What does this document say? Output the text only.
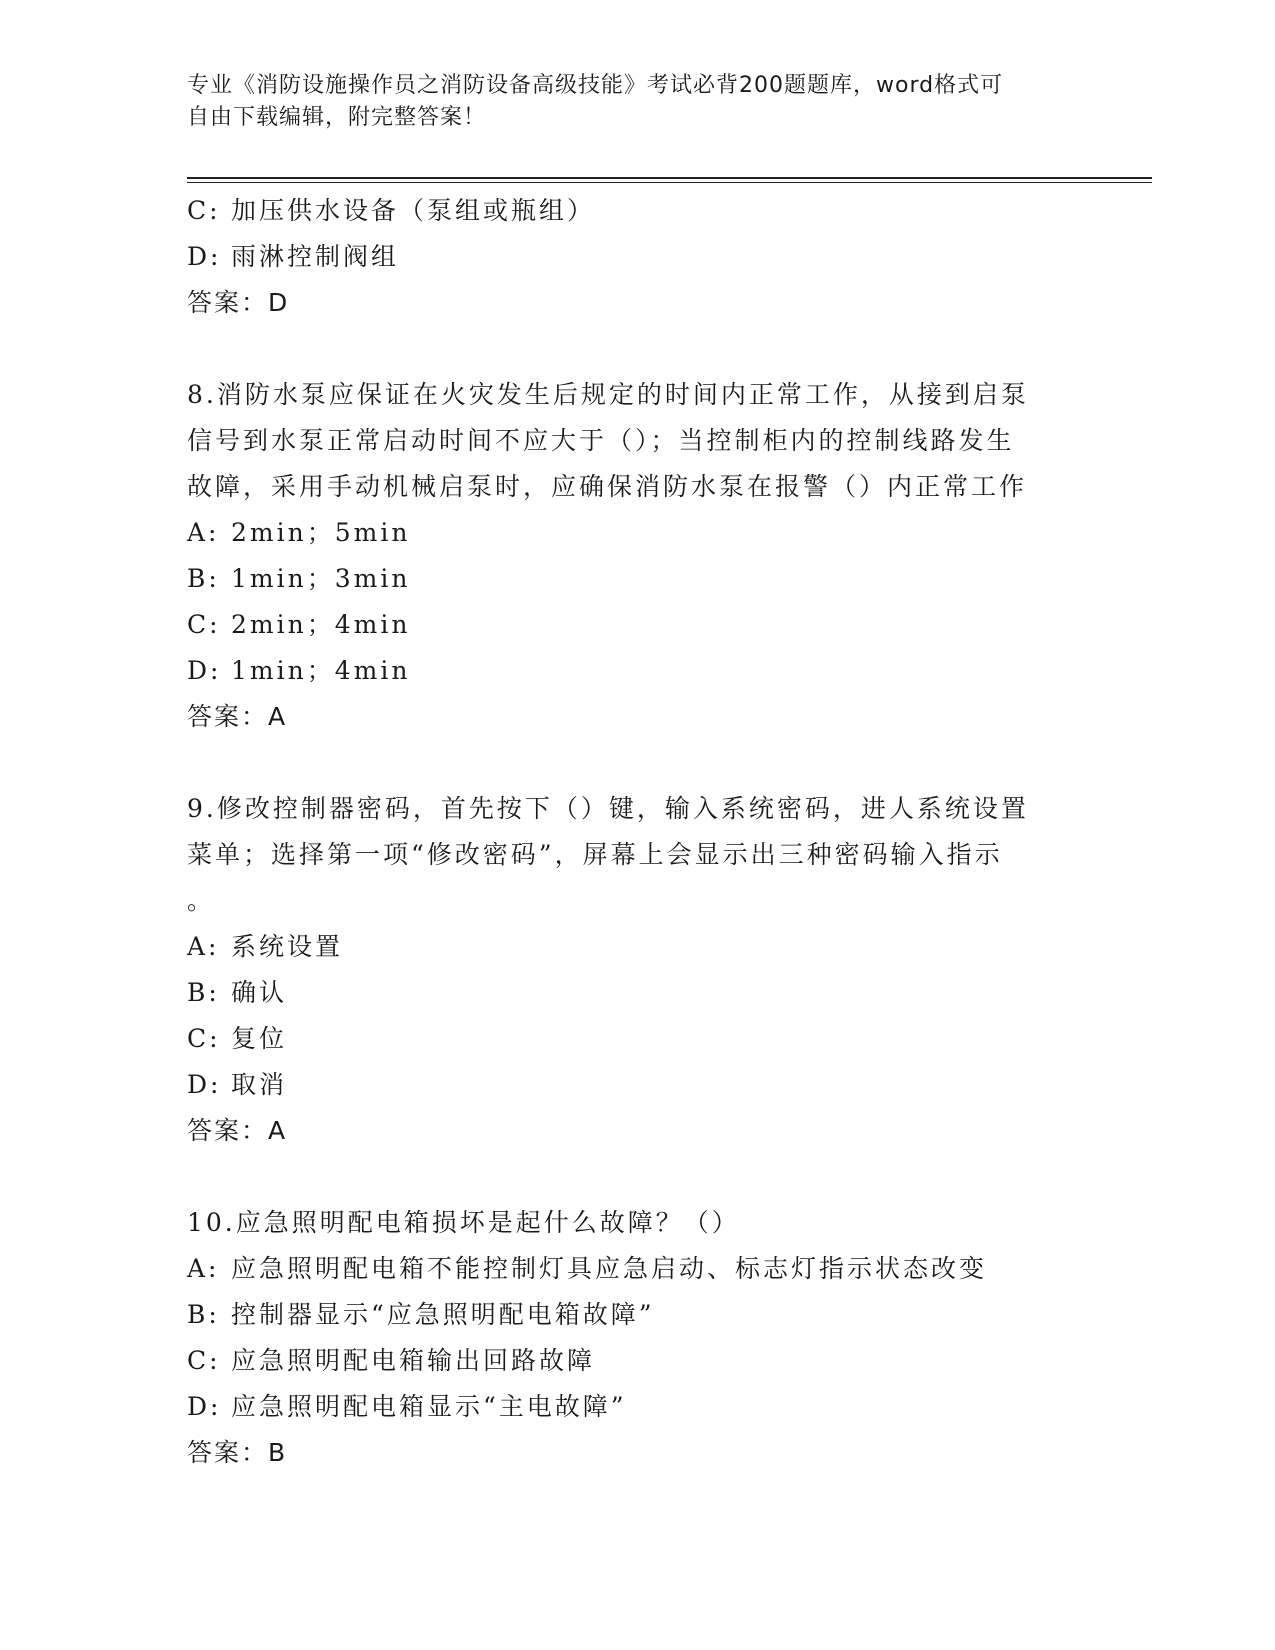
专业《消防设施操作员之消防设备高级技能》考试必背200题题库，word格式可
自由下载编辑，附完整答案！
C: 加压供水设备（泵组或瓶组）
D: 雨淋控制阀组
答案：D
8.消防水泵应保证在火灾发生后规定的时间内正常工作，从接到启泵
信号到水泵正常启动时间不应大于（）；当控制柜内的控制线路发生
故障，采用手动机械启泵时，应确保消防水泵在报警（）内正常工作
A: 2min；5min
B: 1min；3min
C: 2min；4min
D: 1min；4min
答案：A
9.修改控制器密码，首先按下（）键，输入系统密码，进人系统设置
菜单；选择第一项“修改密码”，屏幕上会显示出三种密码输入指示
。
A: 系统设置
B: 确认
C: 复位
D: 取消
答案：A
10.应急照明配电箱损坏是起什么故障？（）
A: 应急照明配电箱不能控制灯具应急启动、标志灯指示状态改变
B: 控制器显示“应急照明配电箱故障”
C: 应急照明配电箱输出回路故障
D: 应急照明配电箱显示“主电故障”
答案：B
